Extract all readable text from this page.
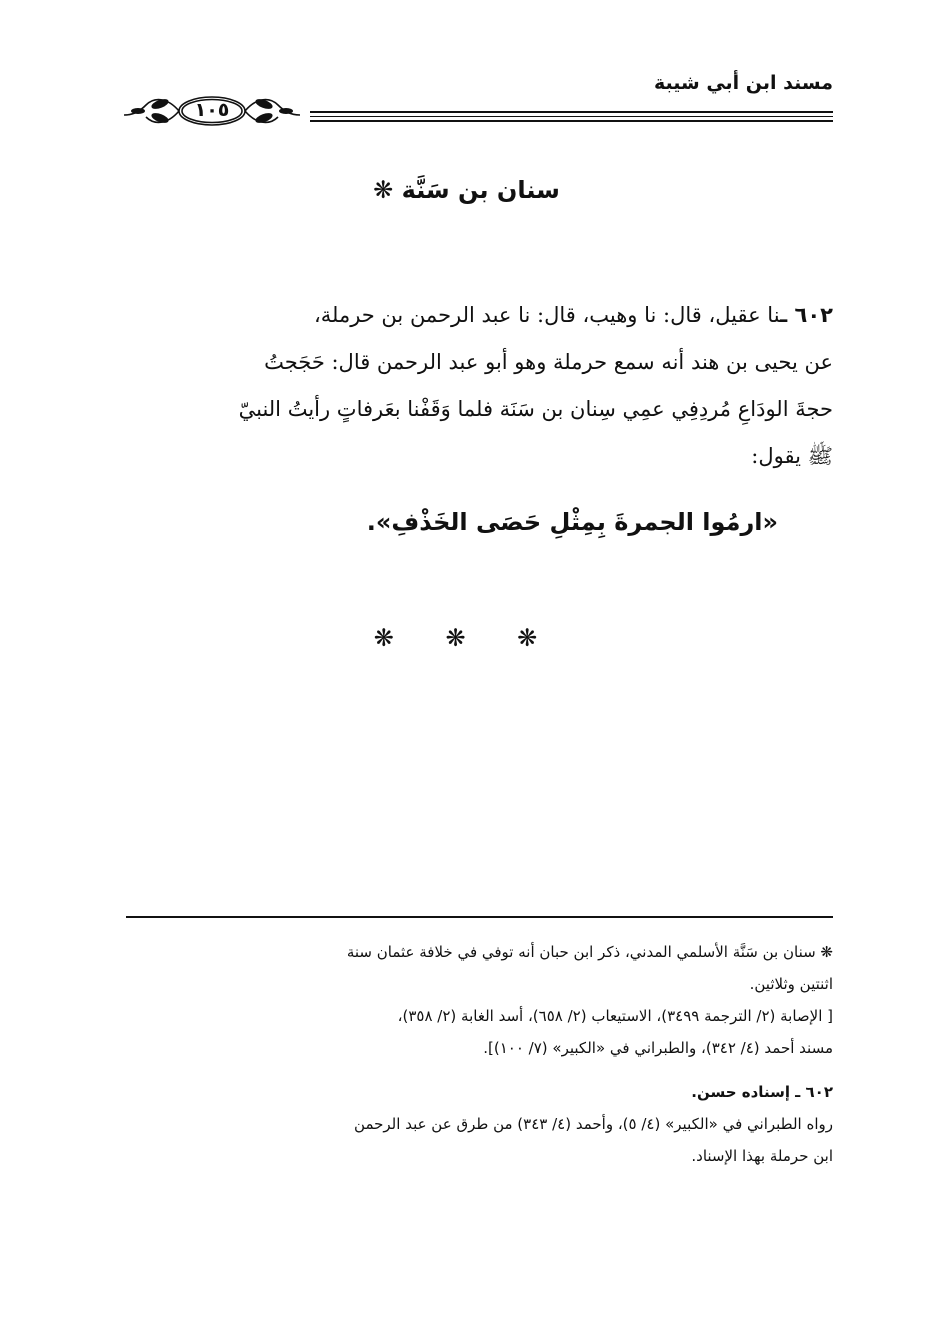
مسند ابن أبي شيبة
١٠٥
سنان بن سَنَّة ❋
٦٠٢ ـنا عقيل، قال: نا وهيب، قال: نا عبد الرحمن بن حرملة،
عن يحيى بن هند أنه سمع حرملة وهو أبو عبد الرحمن قال: حَجَجتُ
حجةَ الودَاعِ مُردِفِي عمِي سِنان بن سَنَة فلما وَقَفْنا بعَرفاتٍ رأيتُ النبيّ
ﷺ يقول:
«ارمُوا الجمرةَ بِمِثْلِ حَصَى الخَذْفِ».
❋ ❋ ❋
❋ سنان بن سَنَّة الأسلمي المدني، ذكر ابن حبان أنه توفي في خلافة عثمان سنة
اثنتين وثلاثين.
[ الإصابة (٢/ الترجمة ٣٤٩٩)، الاستيعاب (٢/ ٦٥٨)، أسد الغابة (٢/ ٣٥٨)،
مسند أحمد (٤/ ٣٤٢)، والطبراني في «الكبير» (٧/ ١٠٠)].
٦٠٢ ـ إسناده حسن.
رواه الطبراني في «الكبير» (٤/ ٥)، وأحمد (٤/ ٣٤٣) من طرق عن عبد الرحمن
ابن حرملة بهذا الإسناد.
